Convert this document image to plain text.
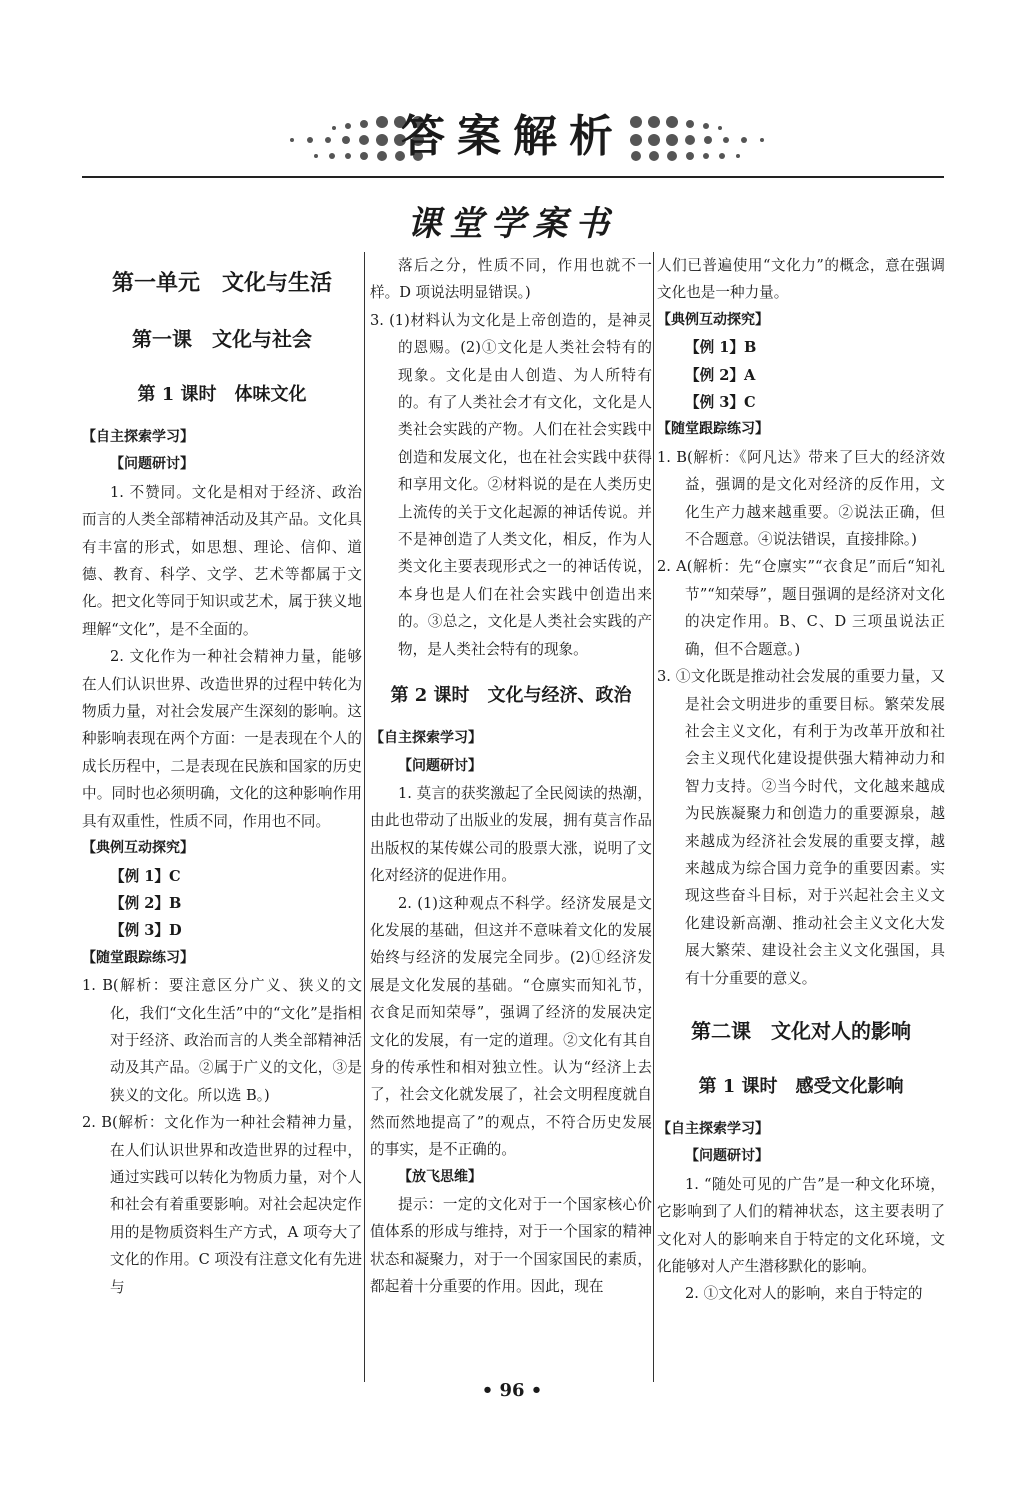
答案解析
课堂学案书
第一单元　文化与生活
第一课　文化与社会
第 1 课时　体味文化
【自主探索学习】
【问题研讨】

1. 不赞同。文化是相对于经济、政治而言的人类全部精神活动及其产品。文化具有丰富的形式，如思想、理论、信仰、道德、教育、科学、文学、艺术等都属于文化。把文化等同于知识或艺术，属于狭义地理解“文化”，是不全面的。

2. 文化作为一种社会精神力量，能够在人们认识世界、改造世界的过程中转化为物质力量，对社会发展产生深刻的影响。这种影响表现在两个方面：一是表现在个人的成长历程中，二是表现在民族和国家的历史中。同时也必须明确，文化的这种影响作用具有双重性，性质不同，作用也不同。

【典例互动探究】
【例 1】C
【例 2】B
【例 3】D
【随堂跟踪练习】

1. B(解析：要注意区分广义、狭义的文化，我们“文化生活”中的“文化”是指相对于经济、政治而言的人类全部精神活动及其产品。②属于广义的文化，③是狭义的文化。所以选 B。)

2. B(解析：文化作为一种社会精神力量，在人们认识世界和改造世界的过程中，通过实践可以转化为物质力量，对个人和社会有着重要影响。对社会起决定作用的是物质资料生产方式，A 项夸大了文化的作用。C 项没有注意文化有先进与

落后之分，性质不同，作用也就不一样。D 项说法明显错误。)

3. (1)材料认为文化是上帝创造的，是神灵的恩赐。(2)①文化是人类社会特有的现象。文化是由人创造、为人所特有的。有了人类社会才有文化，文化是人类社会实践的产物。人们在社会实践中创造和发展文化，也在社会实践中获得和享用文化。②材料说的是在人类历史上流传的关于文化起源的神话传说。并不是神创造了人类文化，相反，作为人类文化主要表现形式之一的神话传说，本身也是人们在社会实践中创造出来的。③总之，文化是人类社会实践的产物，是人类社会特有的现象。

第 2 课时　文化与经济、政治
【自主探索学习】
【问题研讨】

1. 莫言的获奖激起了全民阅读的热潮，由此也带动了出版业的发展，拥有莫言作品出版权的某传媒公司的股票大涨，说明了文化对经济的促进作用。

2. (1)这种观点不科学。经济发展是文化发展的基础，但这并不意味着文化的发展始终与经济的发展完全同步。(2)①经济发展是文化发展的基础。“仓廪实而知礼节，衣食足而知荣辱”，强调了经济的发展决定文化的发展，有一定的道理。②文化有其自身的传承性和相对独立性。认为“经济上去了，社会文化就发展了，社会文明程度就自然而然地提高了”的观点，不符合历史发展的事实，是不正确的。

【放飞思维】

提示：一定的文化对于一个国家核心价值体系的形成与维持，对于一个国家的精神状态和凝聚力，对于一个国家国民的素质，都起着十分重要的作用。因此，现在

人们已普遍使用“文化力”的概念，意在强调文化也是一种力量。

【典例互动探究】
【例 1】B
【例 2】A
【例 3】C
【随堂跟踪练习】

1. B(解析：《阿凡达》带来了巨大的经济效益，强调的是文化对经济的反作用，文化生产力越来越重要。②说法正确，但不合题意。④说法错误，直接排除。)

2. A(解析：先“仓廪实”“衣食足”而后“知礼节”“知荣辱”，题目强调的是经济对文化的决定作用。B、C、D 三项虽说法正确，但不合题意。)

3. ①文化既是推动社会发展的重要力量，又是社会文明进步的重要目标。繁荣发展社会主义文化，有利于为改革开放和社会主义现代化建设提供强大精神动力和智力支持。②当今时代，文化越来越成为民族凝聚力和创造力的重要源泉，越来越成为经济社会发展的重要支撑，越来越成为综合国力竞争的重要因素。实现这些奋斗目标，对于兴起社会主义文化建设新高潮、推动社会主义文化大发展大繁荣、建设社会主义文化强国，具有十分重要的意义。

第二课　文化对人的影响
第 1 课时　感受文化影响
【自主探索学习】
【问题研讨】

1. “随处可见的广告”是一种文化环境，它影响到了人们的精神状态，这主要表明了文化对人的影响来自于特定的文化环境，文化能够对人产生潜移默化的影响。

2. ①文化对人的影响，来自于特定的

• 96 •
